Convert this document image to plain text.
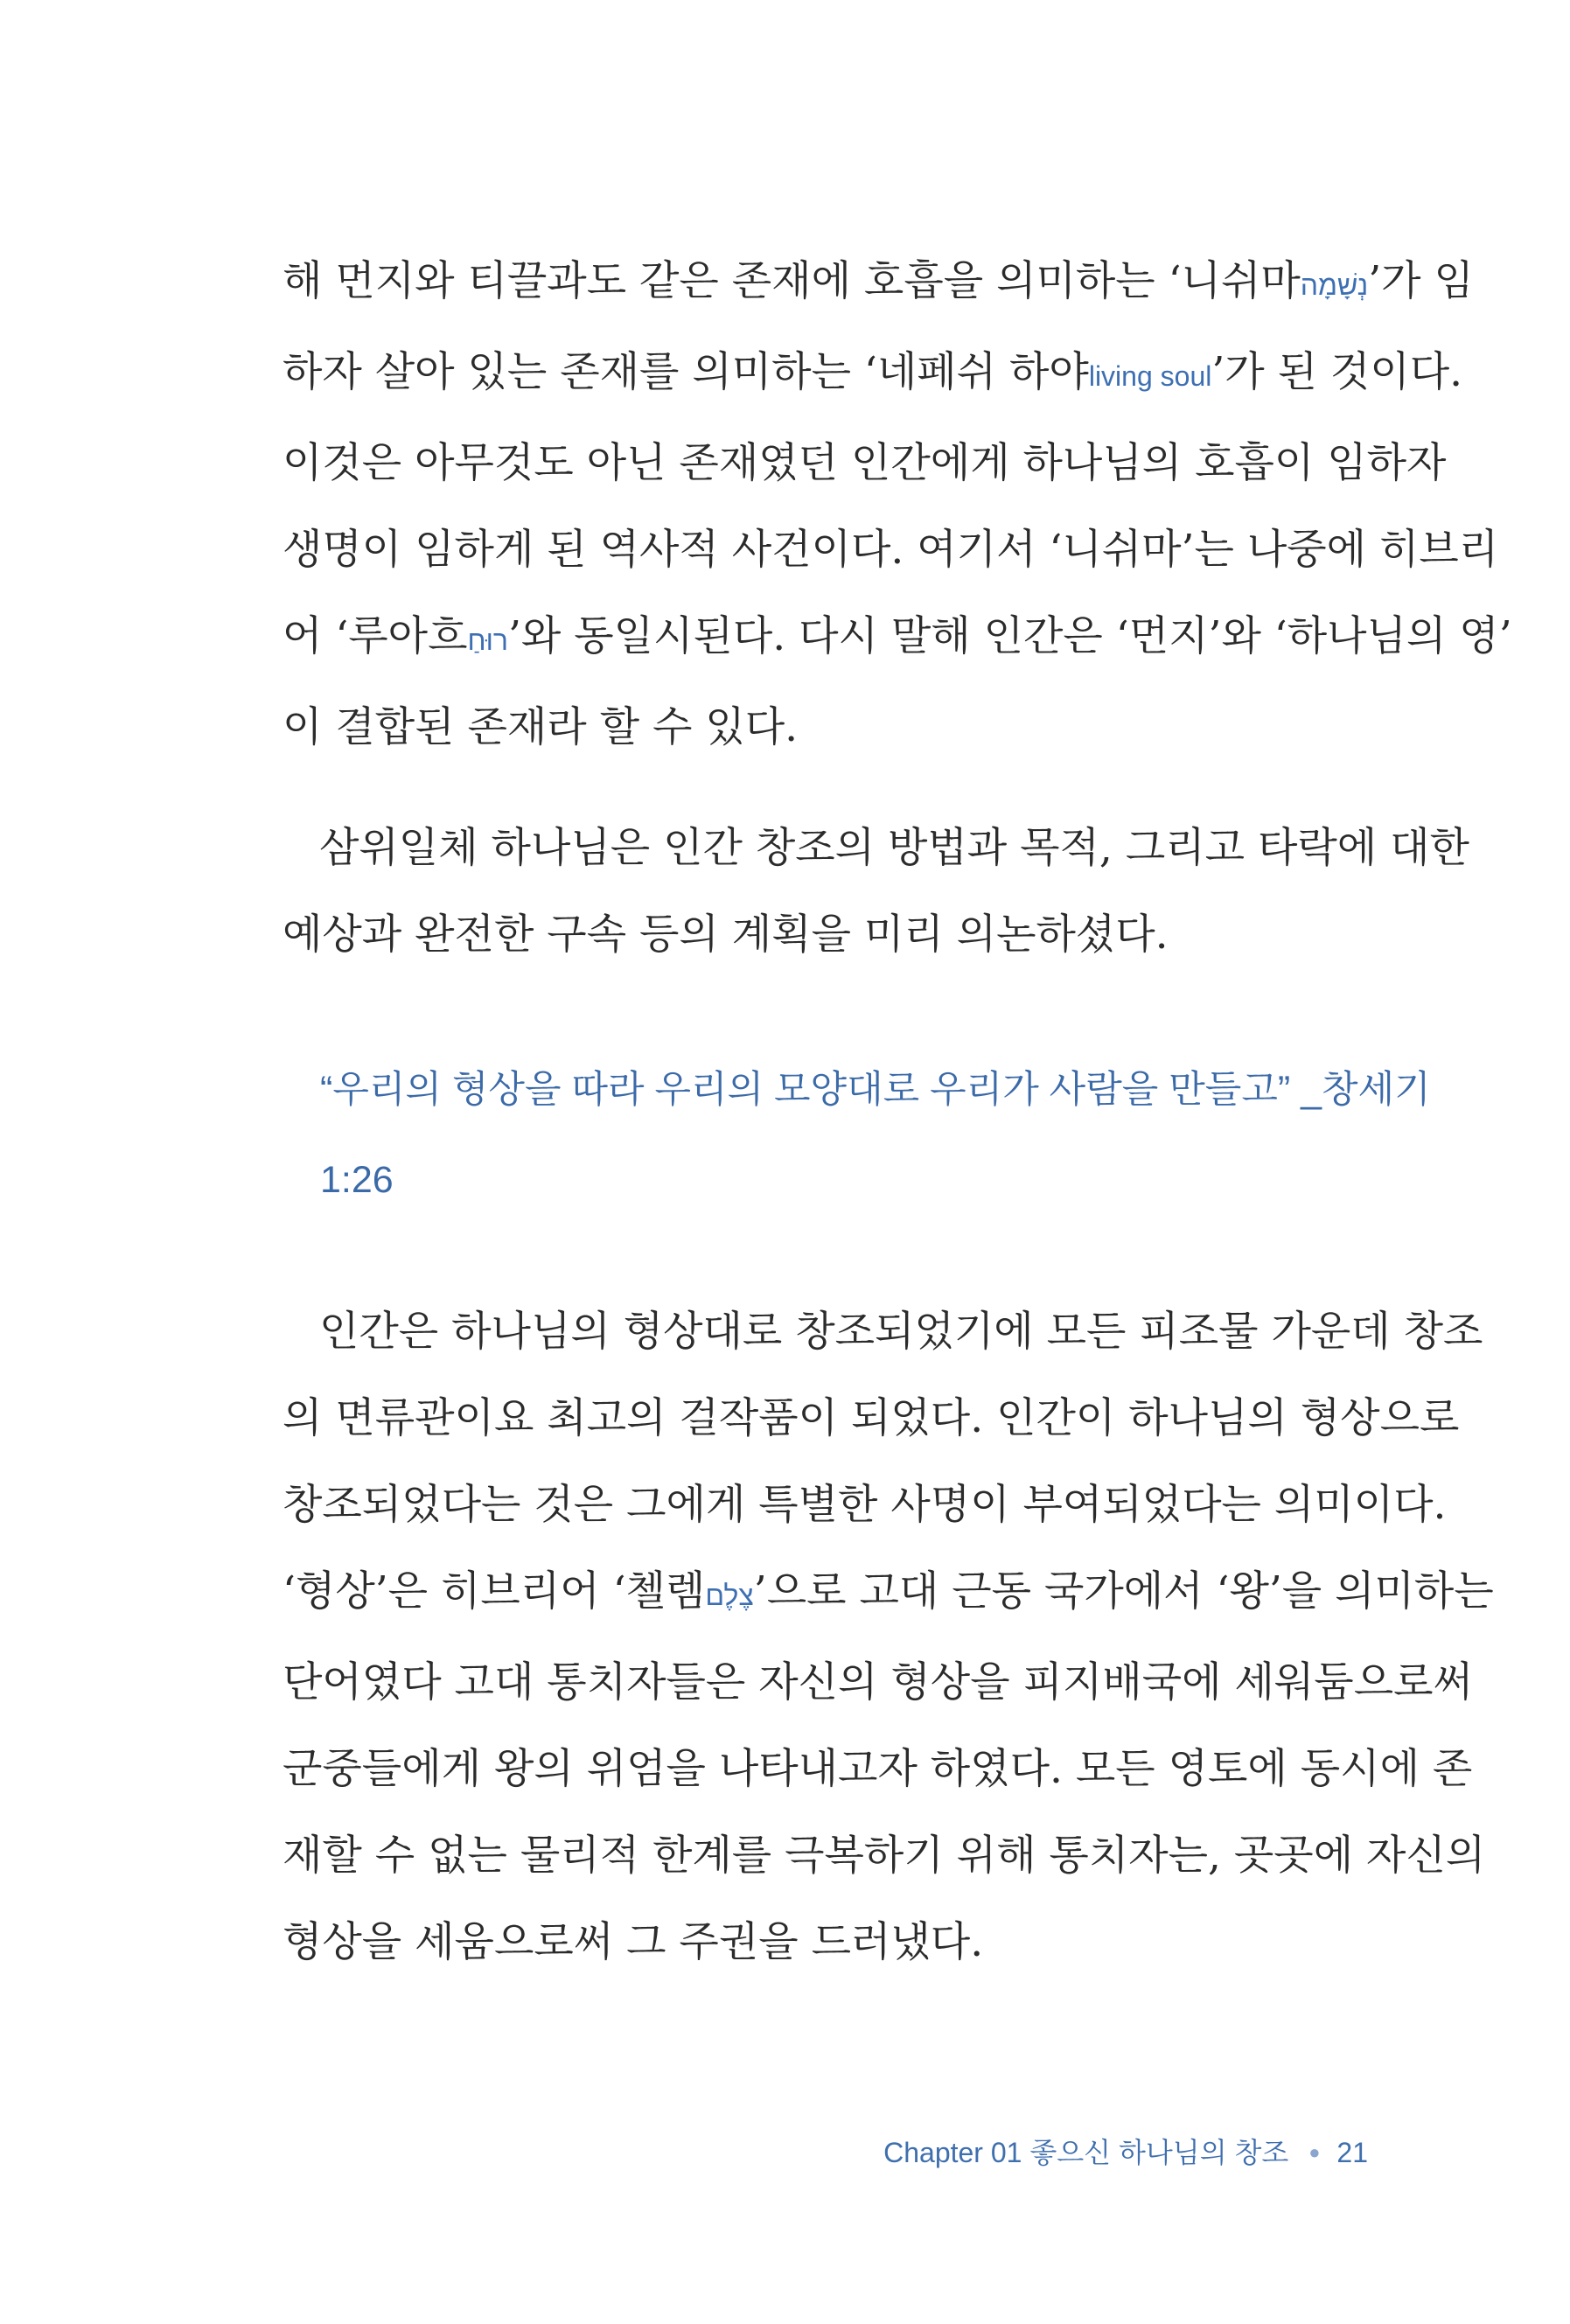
해 먼지와 티끌과도 같은 존재에 호흡을 의미하는 ‘니쉬마נְשָׁמָה’가 임
하자 살아 있는 존재를 의미하는 ‘네페쉬 하야living soul’가 된 것이다.
이것은 아무것도 아닌 존재였던 인간에게 하나님의 호흡이 임하자
생명이 임하게 된 역사적 사건이다. 여기서 ‘니쉬마’는 나중에 히브리
어 ‘루아흐רוּחַ’와 동일시된다. 다시 말해 인간은 ‘먼지’와 ‘하나님의 영’
이 결합된 존재라 할 수 있다.
삼위일체 하나님은 인간 창조의 방법과 목적, 그리고 타락에 대한
예상과 완전한 구속 등의 계획을 미리 의논하셨다.
“우리의 형상을 따라 우리의 모양대로 우리가 사람을 만들고” _창세기
1:26
인간은 하나님의 형상대로 창조되었기에 모든 피조물 가운데 창조
의 면류관이요 최고의 걸작품이 되었다. 인간이 하나님의 형상으로
창조되었다는 것은 그에게 특별한 사명이 부여되었다는 의미이다.
‘형상’은 히브리어 ‘첼렘צֶלֶם’으로 고대 근동 국가에서 ‘왕’을 의미하는
단어였다 고대 통치자들은 자신의 형상을 피지배국에 세워둠으로써
군중들에게 왕의 위엄을 나타내고자 하였다. 모든 영토에 동시에 존
재할 수 없는 물리적 한계를 극복하기 위해 통치자는, 곳곳에 자신의
형상을 세움으로써 그 주권을 드러냈다.
Chapter 01 좋으신 하나님의 창조 ● 21
